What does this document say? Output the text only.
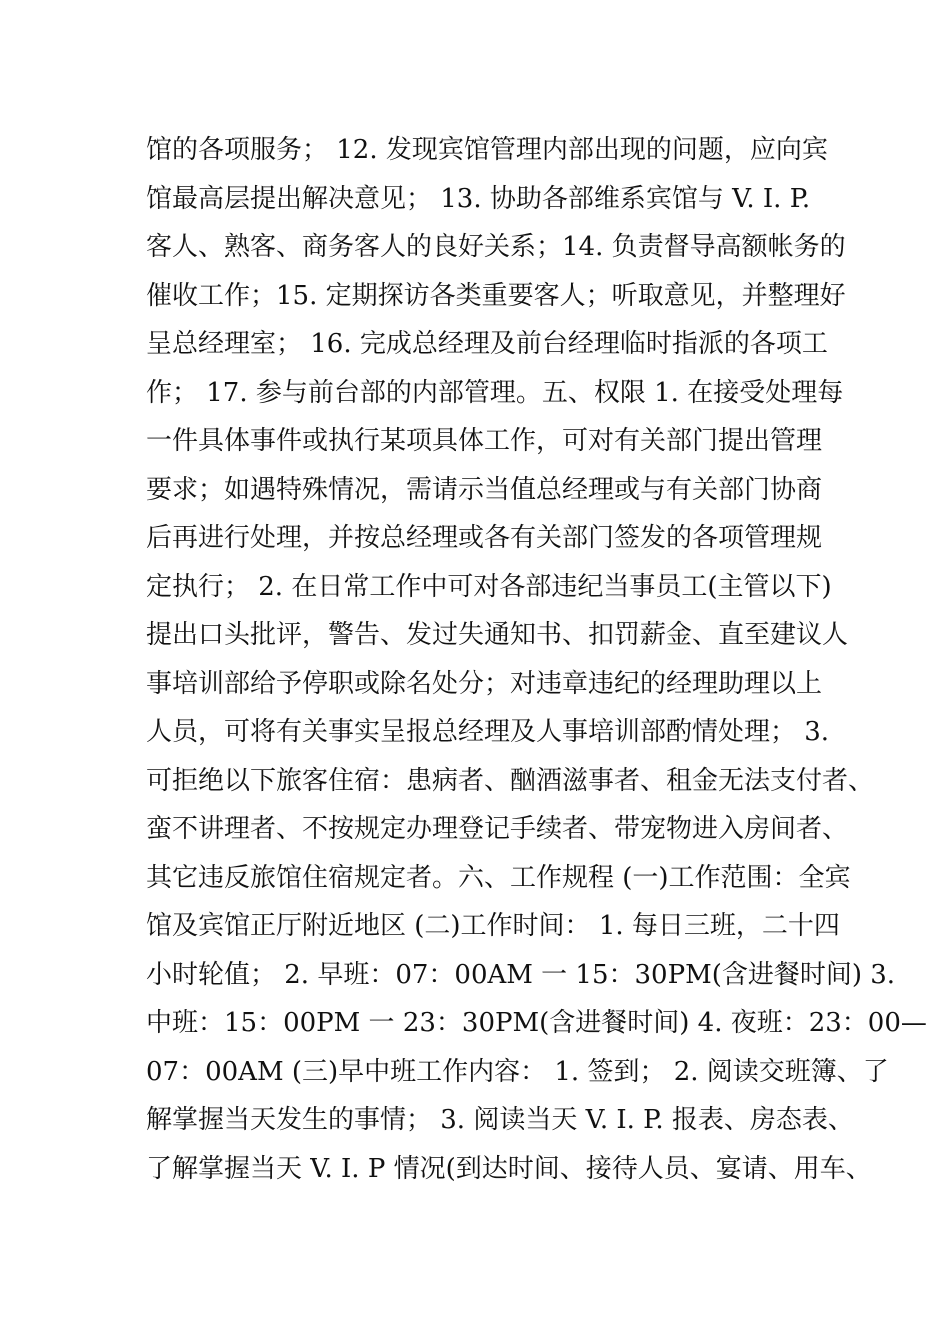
馆的各项服务； 12. 发现宾馆管理内部出现的问题，应向宾
馆最高层提出解决意见； 13. 协助各部维系宾馆与 V. I. P.
客人、熟客、商务客人的良好关系；14. 负责督导高额帐务的
催收工作；15. 定期探访各类重要客人；听取意见，并整理好
呈总经理室； 16. 完成总经理及前台经理临时指派的各项工
作； 17. 参与前台部的内部管理。五、权限 1. 在接受处理每
一件具体事件或执行某项具体工作，可对有关部门提出管理
要求；如遇特殊情况，需请示当值总经理或与有关部门协商
后再进行处理，并按总经理或各有关部门签发的各项管理规
定执行； 2. 在日常工作中可对各部违纪当事员工(主管以下)
提出口头批评，警告、发过失通知书、扣罚薪金、直至建议人
事培训部给予停职或除名处分；对违章违纪的经理助理以上
人员，可将有关事实呈报总经理及人事培训部酌情处理； 3.
可拒绝以下旅客住宿：患病者、酗酒滋事者、租金无法支付者、
蛮不讲理者、不按规定办理登记手续者、带宠物进入房间者、
其它违反旅馆住宿规定者。六、工作规程 (一)工作范围：全宾
馆及宾馆正厅附近地区 (二)工作时间： 1. 每日三班，二十四
小时轮值； 2. 早班：07：00AM 一 15：30PM(含进餐时间) 3.
中班：15：00PM 一 23：30PM(含进餐时间) 4. 夜班：23：00—
07：00AM (三)早中班工作内容： 1. 签到； 2. 阅读交班簿、了
解掌握当天发生的事情； 3. 阅读当天 V. I. P. 报表、房态表、
了解掌握当天 V. I. P 情况(到达时间、接待人员、宴请、用车、
